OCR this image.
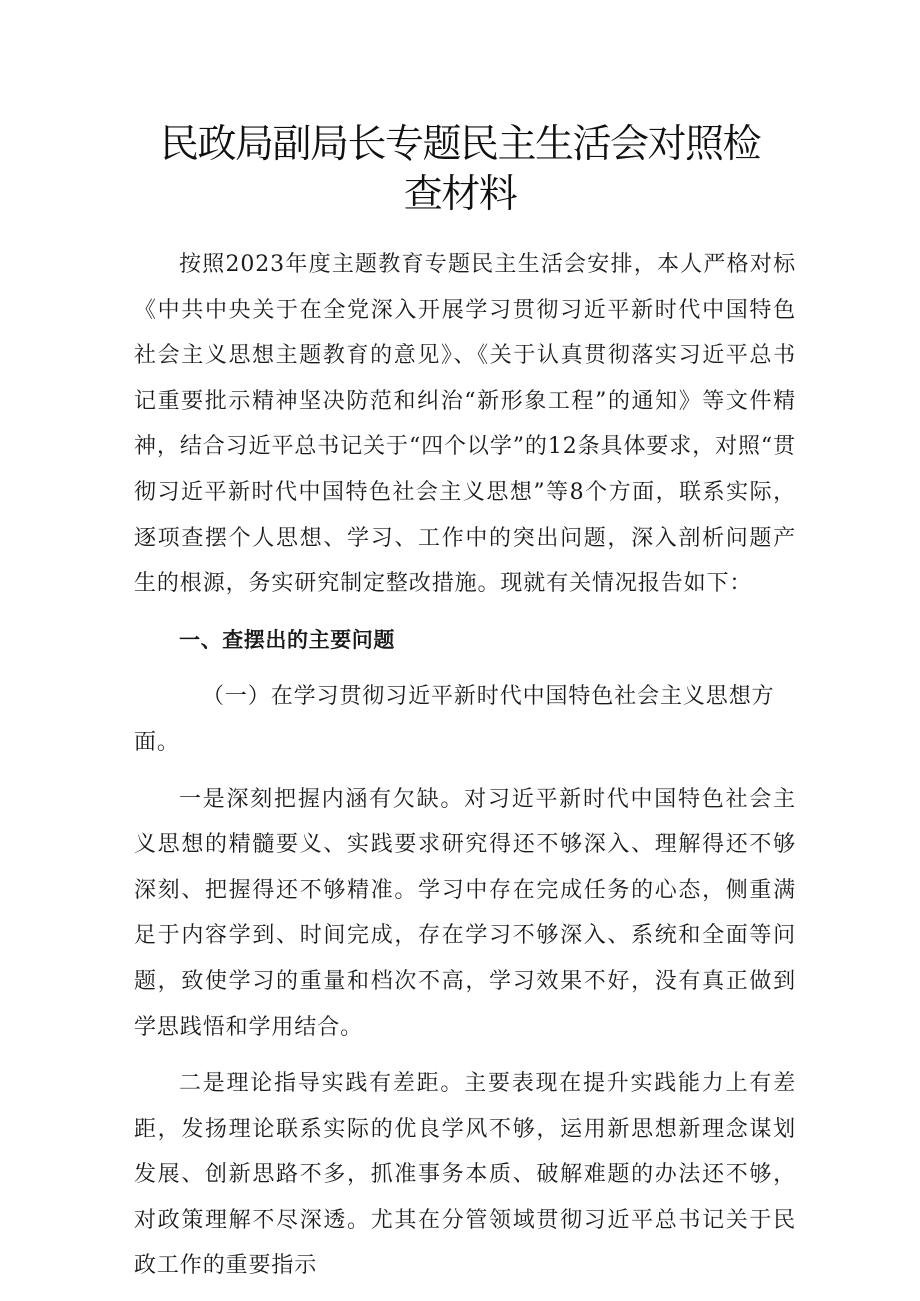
民政局副局长专题民主生活会对照检查材料

按照2023年度主题教育专题民主生活会安排，本人严格对标《中共中央关于在全党深入开展学习贯彻习近平新时代中国特色社会主义思想主题教育的意见》、《关于认真贯彻落实习近平总书记重要批示精神坚决防范和纠治“新形象工程”的通知》等文件精神，结合习近平总书记关于“四个以学”的12条具体要求，对照“贯彻习近平新时代中国特色社会主义思想”等8个方面，联系实际，逐项查摆个人思想、学习、工作中的突出问题，深入剖析问题产生的根源，务实研究制定整改措施。现就有关情况报告如下：

一、查摆出的主要问题

（一）在学习贯彻习近平新时代中国特色社会主义思想方面。

一是深刻把握内涵有欠缺。对习近平新时代中国特色社会主义思想的精髓要义、实践要求研究得还不够深入、理解得还不够深刻、把握得还不够精准。学习中存在完成任务的心态，侧重满足于内容学到、时间完成，存在学习不够深入、系统和全面等问题，致使学习的重量和档次不高，学习效果不好，没有真正做到学思践悟和学用结合。

二是理论指导实践有差距。主要表现在提升实践能力上有差距，发扬理论联系实际的优良学风不够，运用新思想新理念谋划发展、创新思路不多，抓准事务本质、破解难题的办法还不够，对政策理解不尽深透。尤其在分管领域贯彻习近平总书记关于民政工作的重要指示
